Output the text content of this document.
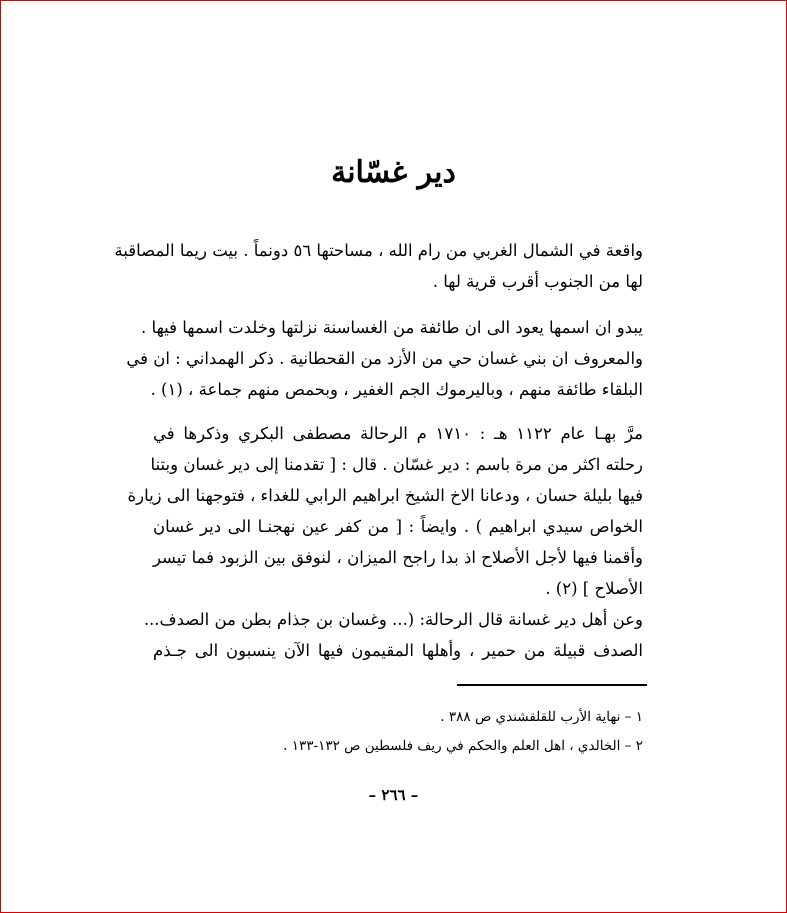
دير غسّانة
واقعة في الشمال الغربي من رام الله ، مساحتها ٥٦ دونماً . بيت ريما المصاقبة
لها من الجنوب أقرب قرية لها .
يبدو ان اسمها يعود الى ان طائفة من الغساسنة نزلتها وخلدت اسمها فيها .
والمعروف ان بني غسان حي من الأزد من القحطانية . ذكر الهمداني : ان في
البلقاء طائفة منهم ، وباليرموك الجم الغفير ، وبحمص منهم جماعة ، (١) .
مرَّ بهـا عام ١١٢٢ هـ : ١٧١٠ م الرحالة مصطفى البكري وذكرها في
رحلته اكثر من مرة باسم : دير غسّان . قال : [ تقدمنا إلى دير غسان وبتنا
فيها بليلة حسان ، ودعانا الاخ الشيخ ابراهيم الرابي للغداء ، فتوجهنا الى زيارة
الخواص سيدي ابراهيم ) . وايضاً : [ من كفر عين نهجنـا الى دير غسان
وأقمنا فيها لأجل الأصلاح اذ بدا راجح الميزان ، لنوفق بين الزبود فما تيسر
الأصلاح ] (٢) .
وعن أهل دير غسانة قال الرحالة: (... وغسان بن جذام بطن من الصدف...
الصدف قبيلة من حمير ، وأهلها المقيمون فيها الآن ينسبون الى جـذم
١ – نهاية الأرب للقلقشندي ص ٣٨٨ .
٢ – الخالدي ، اهل العلم والحكم في ريف فلسطين ص ١٣٢-١٣٣ .
– ٢٦٦ –
